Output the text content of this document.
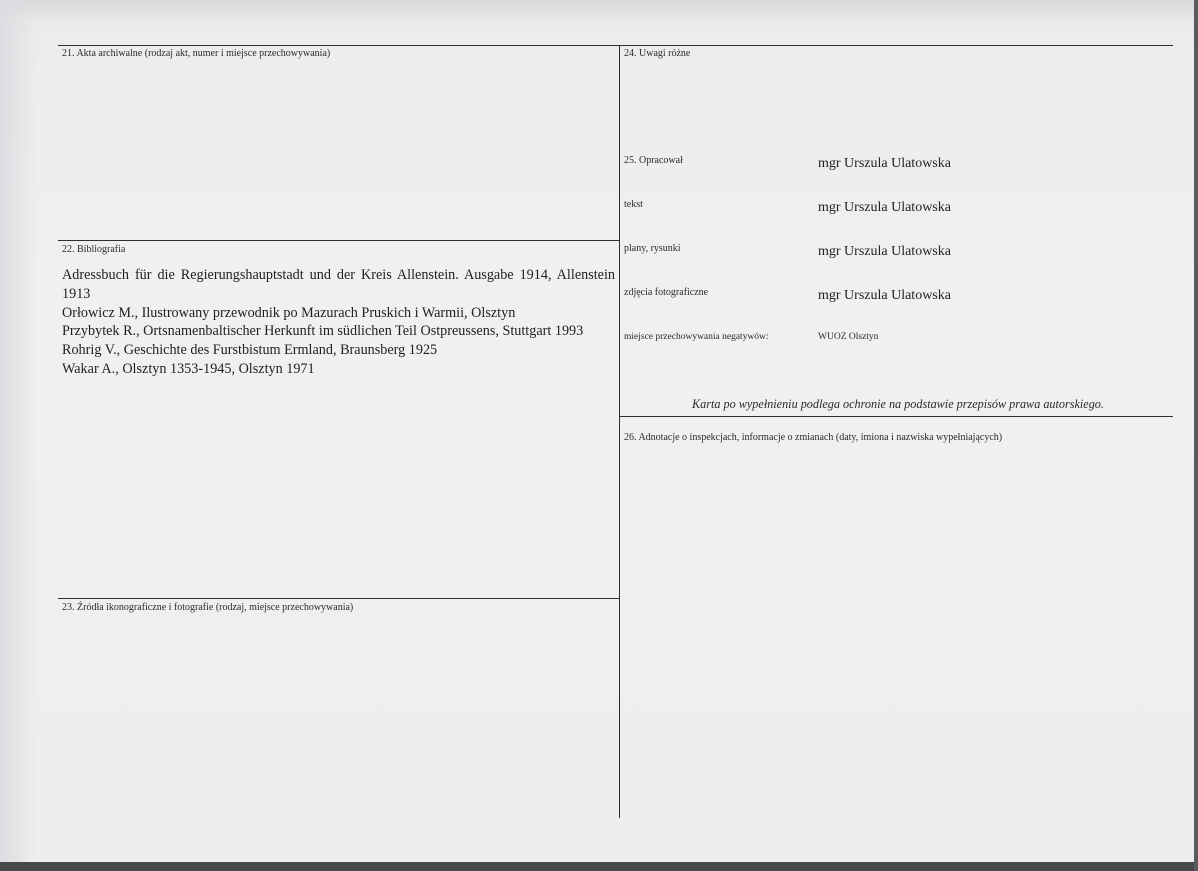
21. Akta archiwalne (rodzaj akt, numer i miejsce przechowywania)
22. Bibliografia
Adressbuch für die Regierungshauptstadt und der Kreis Allenstein. Ausgabe 1914, Allenstein 1913
Orłowicz M., Ilustrowany przewodnik po Mazurach Pruskich i Warmii, Olsztyn
Przybytek R., Ortsnamenbaltischer Herkunft im südlichen Teil Ostpreussens, Stuttgart 1993
Rohrig V., Geschichte des Furstbistum Ermland, Braunsberg 1925
Wakar A., Olsztyn 1353-1945, Olsztyn 1971
23. Źródła ikonograficzne i fotografie (rodzaj, miejsce przechowywania)
24. Uwagi różne
25. Opracował	mgr Urszula Ulatowska
tekst	mgr Urszula Ulatowska
plany, rysunki	mgr Urszula Ulatowska
zdjęcia fotograficzne	mgr Urszula Ulatowska
miejsce przechowywania negatywów:	WUOZ Olsztyn
Karta po wypełnieniu podlega ochronie na podstawie przepisów prawa autorskiego.
26. Adnotacje o inspekcjach, informacje o zmianach (daty, imiona i nazwiska wypełniających)
